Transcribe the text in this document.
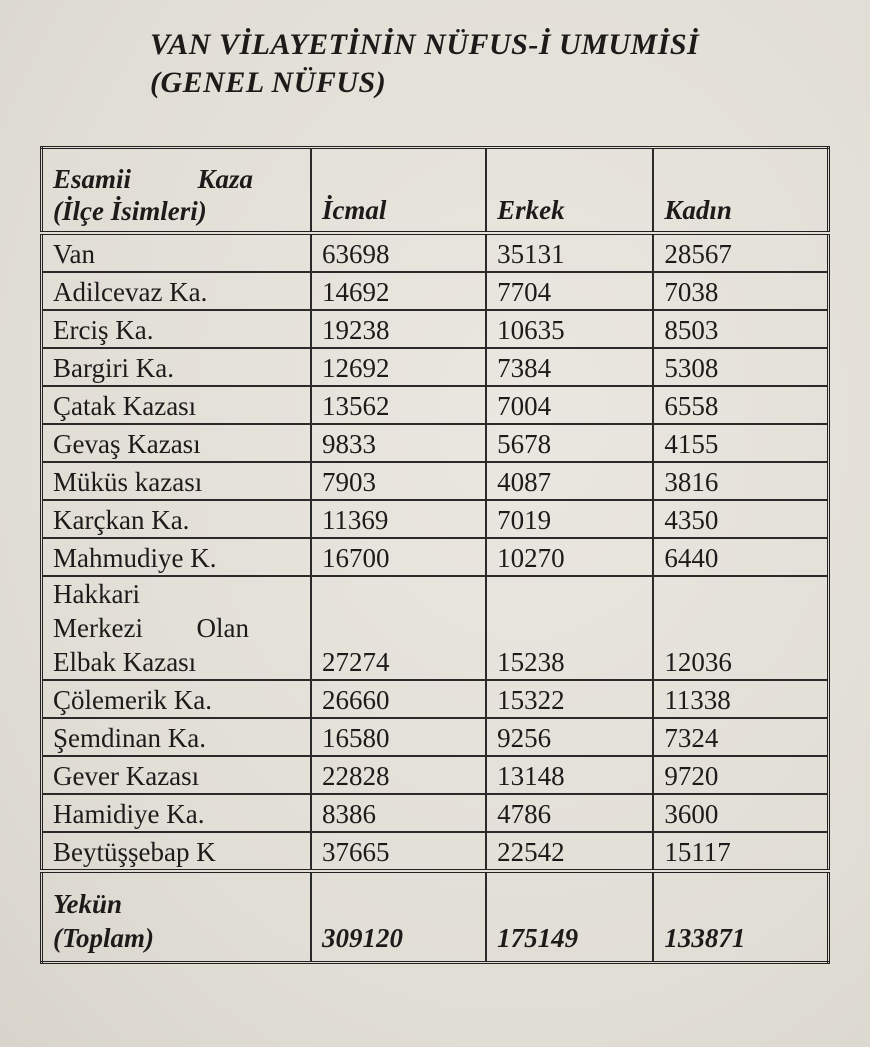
VAN VİLAYETİNİN NÜFUS-İ UMUMİSİ
(GENEL NÜFUS)
Esamii Kaza
(İlçe İsimleri)	İcmal	Erkek	Kadın
Van	63698	35131	28567
Adilcevaz Ka.	14692	7704	7038
Erciş Ka.	19238	10635	8503
Bargiri Ka.	12692	7384	5308
Çatak Kazası	13562	7004	6558
Gevaş Kazası	9833	5678	4155
Müküs kazası	7903	4087	3816
Karçkan Ka.	11369	7019	4350
Mahmudiye K.	16700	10270	6440

Hakkari
Merkezi Olan
Elbak Kazası	27274	15238	12036
Çölemerik Ka.	26660	15322	11338
Şemdinan Ka.	16580	9256	7324
Gever Kazası	22828	13148	9720
Hamidiye Ka.	8386	4786	3600
Beytüşşebap K	37665	22542	15117

Yekün
(Toplam)	309120	175149	133871
